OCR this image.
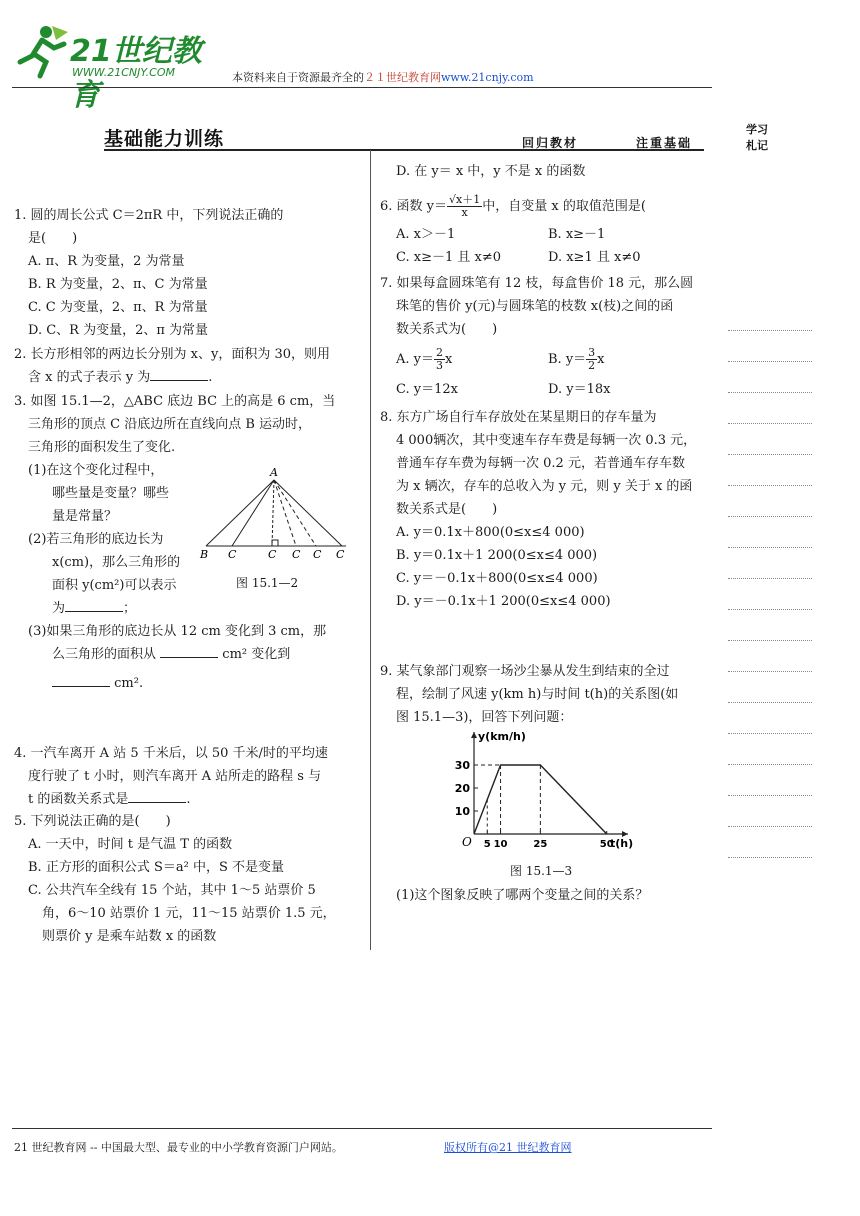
21世纪教育
WWW.21CNJY.COM	本资料来自于资源最齐全的２１世纪教育网www.21cnjy.com
基础能力训练	回归教材	注重基础
学习
札记
1. 圆的周长公式 C＝2πR 中，下列说法正确的
是(　　)
A. π、R 为变量，2 为常量
B. R 为变量，2、π、C 为常量
C. C 为变量，2、π、R 为常量
D. C、R 为变量，2、π 为常量
2. 长方形相邻的两边长分别为 x、y，面积为 30，则用
含 x 的式子表示 y 为	.
3. 如图 15.1—2，△ABC 底边 BC 上的高是 6 cm，当
三角形的顶点 C 沿底边所在直线向点 B 运动时，
三角形的面积发生了变化.
(1)在这个变化过程中，
哪些量是变量？哪些
量是常量？
(2)若三角形的底边长为
x(cm)，那么三角形的
面积 y(cm²)可以表示
为	；
(3)如果三角形的底边长从 12 cm 变化到 3 cm，那
么三角形的面积从	cm² 变化到
cm².
A
B C	C C C C
图 15.1—2
4. 一汽车离开 A 站 5 千米后，以 50 千米/时的平均速
度行驶了 t 小时，则汽车离开 A 站所走的路程 s 与
t 的函数关系式是	.
5. 下列说法正确的是(　　)
A. 一天中，时间 t 是气温 T 的函数
B. 正方形的面积公式 S＝a² 中，S 不是变量
C. 公共汽车全线有 15 个站，其中 1～5 站票价 5
角，6～10 站票价 1 元，11～15 站票价 1.5 元，
则票价 y 是乘车站数 x 的函数
D. 在 y＝ x 中，y 不是 x 的函数
6. 函数 $y= \frac{√x+1}{x}$ 中，自变量 x 的取值范围是(
A. x＞－1	B. x≥－1
C. x≥－1 且 x≠0	D. x≥1 且 x≠0
7. 如果每盒圆珠笔有 12 枝，每盒售价 18 元，那么圆
珠笔的售价 y(元)与圆珠笔的枝数 x(枝)之间的函
数关系式为(　　)
A. $y= \frac{2}{3}$ x	B. $y= \frac{3}{2}$ x
C. y＝12x	D. y＝18x
8. 东方广场自行车存放处在某星期日的存车量为
4 000辆次，其中变速车存车费是每辆一次 0.3 元，
普通车存车费为每辆一次 0.2 元，若普通车存车数
为 x 辆次，存车的总收入为 y 元，则 y 关于 x 的函
数关系式是(　　)
A. y＝0.1x＋800(0≤x≤4 000)
B. y＝0.1x＋1 200(0≤x≤4 000)
C. y＝－0.1x＋800(0≤x≤4 000)
D. y＝－0.1x＋1 200(0≤x≤4 000)
9. 某气象部门观察一场沙尘暴从发生到结束的全过
程，绘制了风速 y(km h)与时间 t(h)的关系图(如
图 15.1—3)，回答下列问题：
10
20
30
5 10	25	50
O
y(km/h)
t(h)
图 15.1—3
(1)这个图象反映了哪两个变量之间的关系？
21 世纪教育网 -- 中国最大型、最专业的中小学教育资源门户网站。	版权所有@21 世纪教育网
